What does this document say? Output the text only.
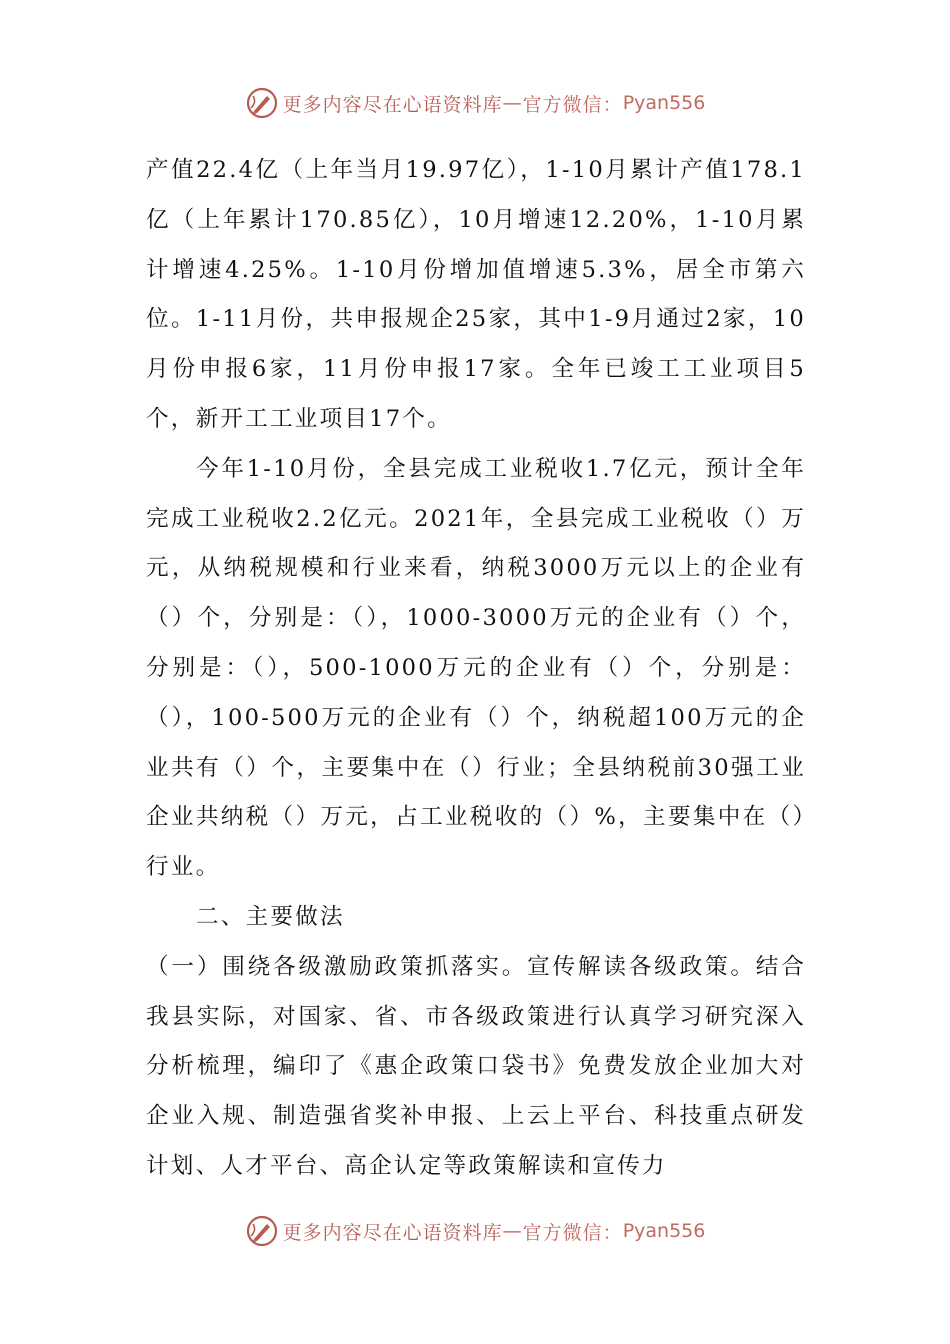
更多内容尽在心语资料库 — 官方微信： Pyan556

产值22.4亿（上年当月19.97亿），1-10月累计产值178.1亿（上年累计170.85亿），10月增速12.20%，1-10月累计增速4.25%。1-10月份增加值增速5.3%，居全市第六位。1-11月份，共申报规企25家，其中1-9月通过2家，10月份申报6家，11月份申报17家。全年已竣工工业项目5个，新开工工业项目17个。

今年1-10月份，全县完成工业税收1.7亿元，预计全年完成工业税收2.2亿元。2021年，全县完成工业税收（）万元，从纳税规模和行业来看，纳税3000万元以上的企业有（）个，分别是：（），1000-3000万元的企业有（）个，分别是：（），500-1000万元的企业有（）个，分别是：（），100-500万元的企业有（）个，纳税超100万元的企业共有（）个，主要集中在（）行业；全县纳税前30强工业企业共纳税（）万元，占工业税收的（）%，主要集中在（）行业。

二、主要做法

（一）围绕各级激励政策抓落实。宣传解读各级政策。结合我县实际，对国家、省、市各级政策进行认真学习研究深入分析梳理，编印了《惠企政策口袋书》免费发放企业加大对企业入规、制造强省奖补申报、上云上平台、科技重点研发计划、人才平台、高企认定等政策解读和宣传力

更多内容尽在心语资料库 — 官方微信： Pyan556
